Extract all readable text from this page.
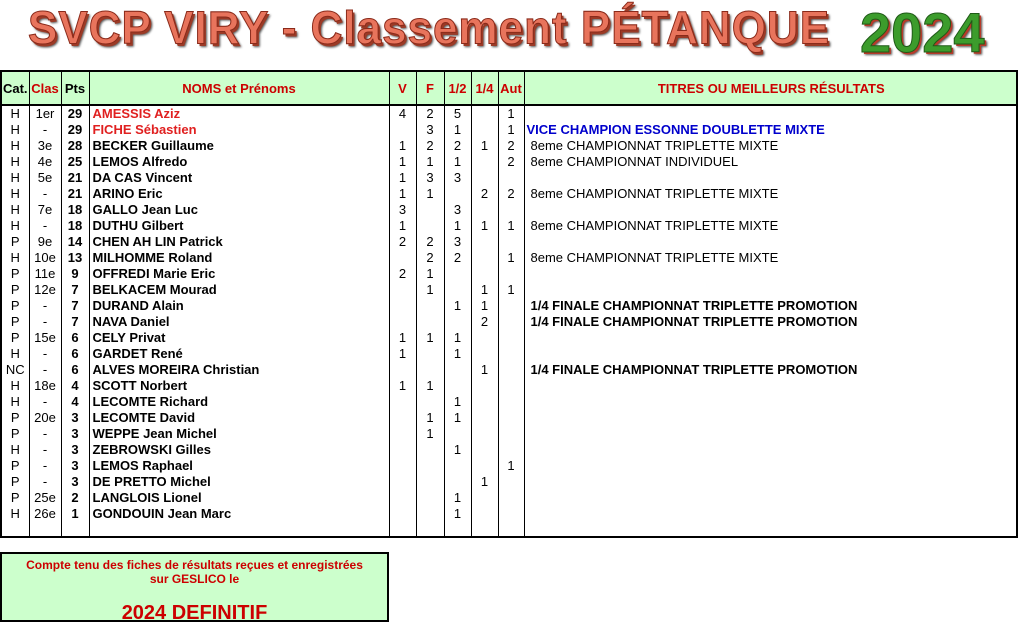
SVCP VIRY - Classement PÉTANQUE 2024
Cat.	Clas	Pts	NOMS et Prénoms	V	F	1/2	1/4	Aut	TITRES OU MEILLEURS RÉSULTATS
H	1er	29	AMESSIS Aziz	4	2	5		1	
H	-	29	FICHE Sébastien		3	1		1	VICE CHAMPION ESSONNE DOUBLETTE MIXTE
H	3e	28	BECKER Guillaume	1	2	2	1	2	8eme CHAMPIONNAT TRIPLETTE MIXTE
H	4e	25	LEMOS Alfredo	1	1	1		2	8eme CHAMPIONNAT INDIVIDUEL
H	5e	21	DA CAS Vincent	1	3	3			
H	-	21	ARINO Eric	1	1		2	2	8eme CHAMPIONNAT TRIPLETTE MIXTE
H	7e	18	GALLO Jean Luc	3		3			
H	-	18	DUTHU Gilbert	1		1	1	1	8eme CHAMPIONNAT TRIPLETTE MIXTE
P	9e	14	CHEN AH LIN Patrick	2	2	3			
H	10e	13	MILHOMME Roland		2	2		1	8eme CHAMPIONNAT TRIPLETTE MIXTE
P	11e	9	OFFREDI Marie Eric	2	1				
P	12e	7	BELKACEM Mourad		1		1	1	
P	-	7	DURAND Alain			1	1		1/4 FINALE CHAMPIONNAT TRIPLETTE PROMOTION
P	-	7	NAVA Daniel				2		1/4 FINALE CHAMPIONNAT TRIPLETTE PROMOTION
P	15e	6	CELY Privat	1	1	1			
H	-	6	GARDET René	1		1			
NC	-	6	ALVES MOREIRA Christian				1		1/4 FINALE CHAMPIONNAT TRIPLETTE PROMOTION
H	18e	4	SCOTT Norbert	1	1				
H	-	4	LECOMTE Richard			1			
P	20e	3	LECOMTE David		1	1			
P	-	3	WEPPE Jean Michel		1				
H	-	3	ZEBROWSKI Gilles			1			
P	-	3	LEMOS Raphael					1	
P	-	3	DE PRETTO Michel				1		
P	25e	2	LANGLOIS Lionel			1			
H	26e	1	GONDOUIN Jean Marc			1			

Compte tenu des fiches de résultats reçues et enregistrées
sur GESLICO le
2024 DEFINITIF
